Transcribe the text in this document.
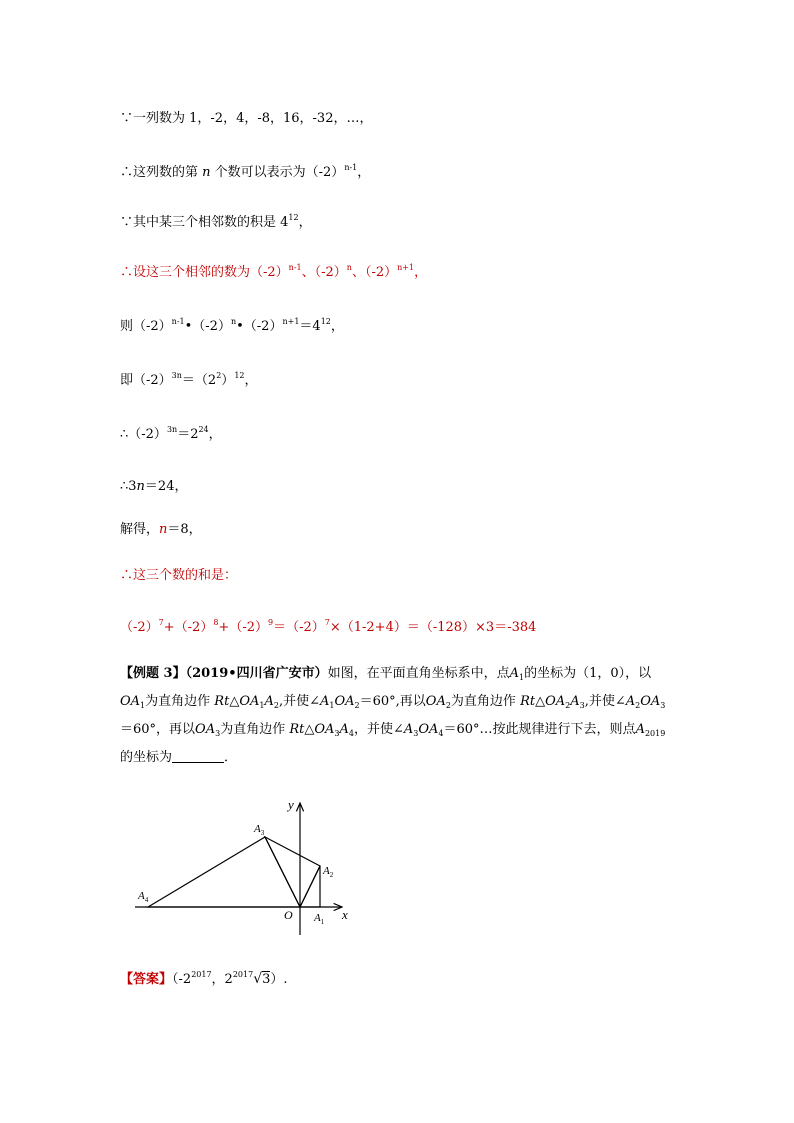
∵一列数为 1，-2，4，-8，16，-32，…，
∴这列数的第 n 个数可以表示为$(-2)^{n-1}$，
∵其中某三个相邻数的积是 $4^{12}$，
∴设这三个相邻的数为$(-2)^{n-1}$、$(-2)^n$、$(-2)^{n+1}$，
则$(-2)^{n-1}•(-2)^n•(-2)^{n+1}=4^{12}$，
即$(-2)^{3n}=(2^2)^{12}$，
$\therefore(-2)^{3n}=2^{24}$，
∴3n＝24，
解得，n＝8，
∴这三个数的和是：
$(-2)^7+(-2)^8+(-2)^9=(-2)^7\times(1-2+4)=(-128)\times 3=-384$
【例题 3】（2019•四川省广安市）如图，在平面直角坐标系中，点$A_1$的坐标为（1，0），以
$OA_1$为直角边作 $Rt\triangle OA_1A_2$,并使$\angle A_1OA_2=60^\circ$,再以$OA_2$为直角边作 $Rt\triangle OA_2A_3$,并使$\angle A_2OA_3$
＝60°，再以$OA_3$为直角边作 $Rt\triangle OA_3A_4$，并使$\angle A_3OA_4=60^\circ\dots$按此规律进行下去，则点$A_{2019}$
的坐标为	．
y
x
O $A_1$
$A_2$
$A_3$
$A_4$
【答案】（$-2^{2017}$，$2^{2017}√3$）.
